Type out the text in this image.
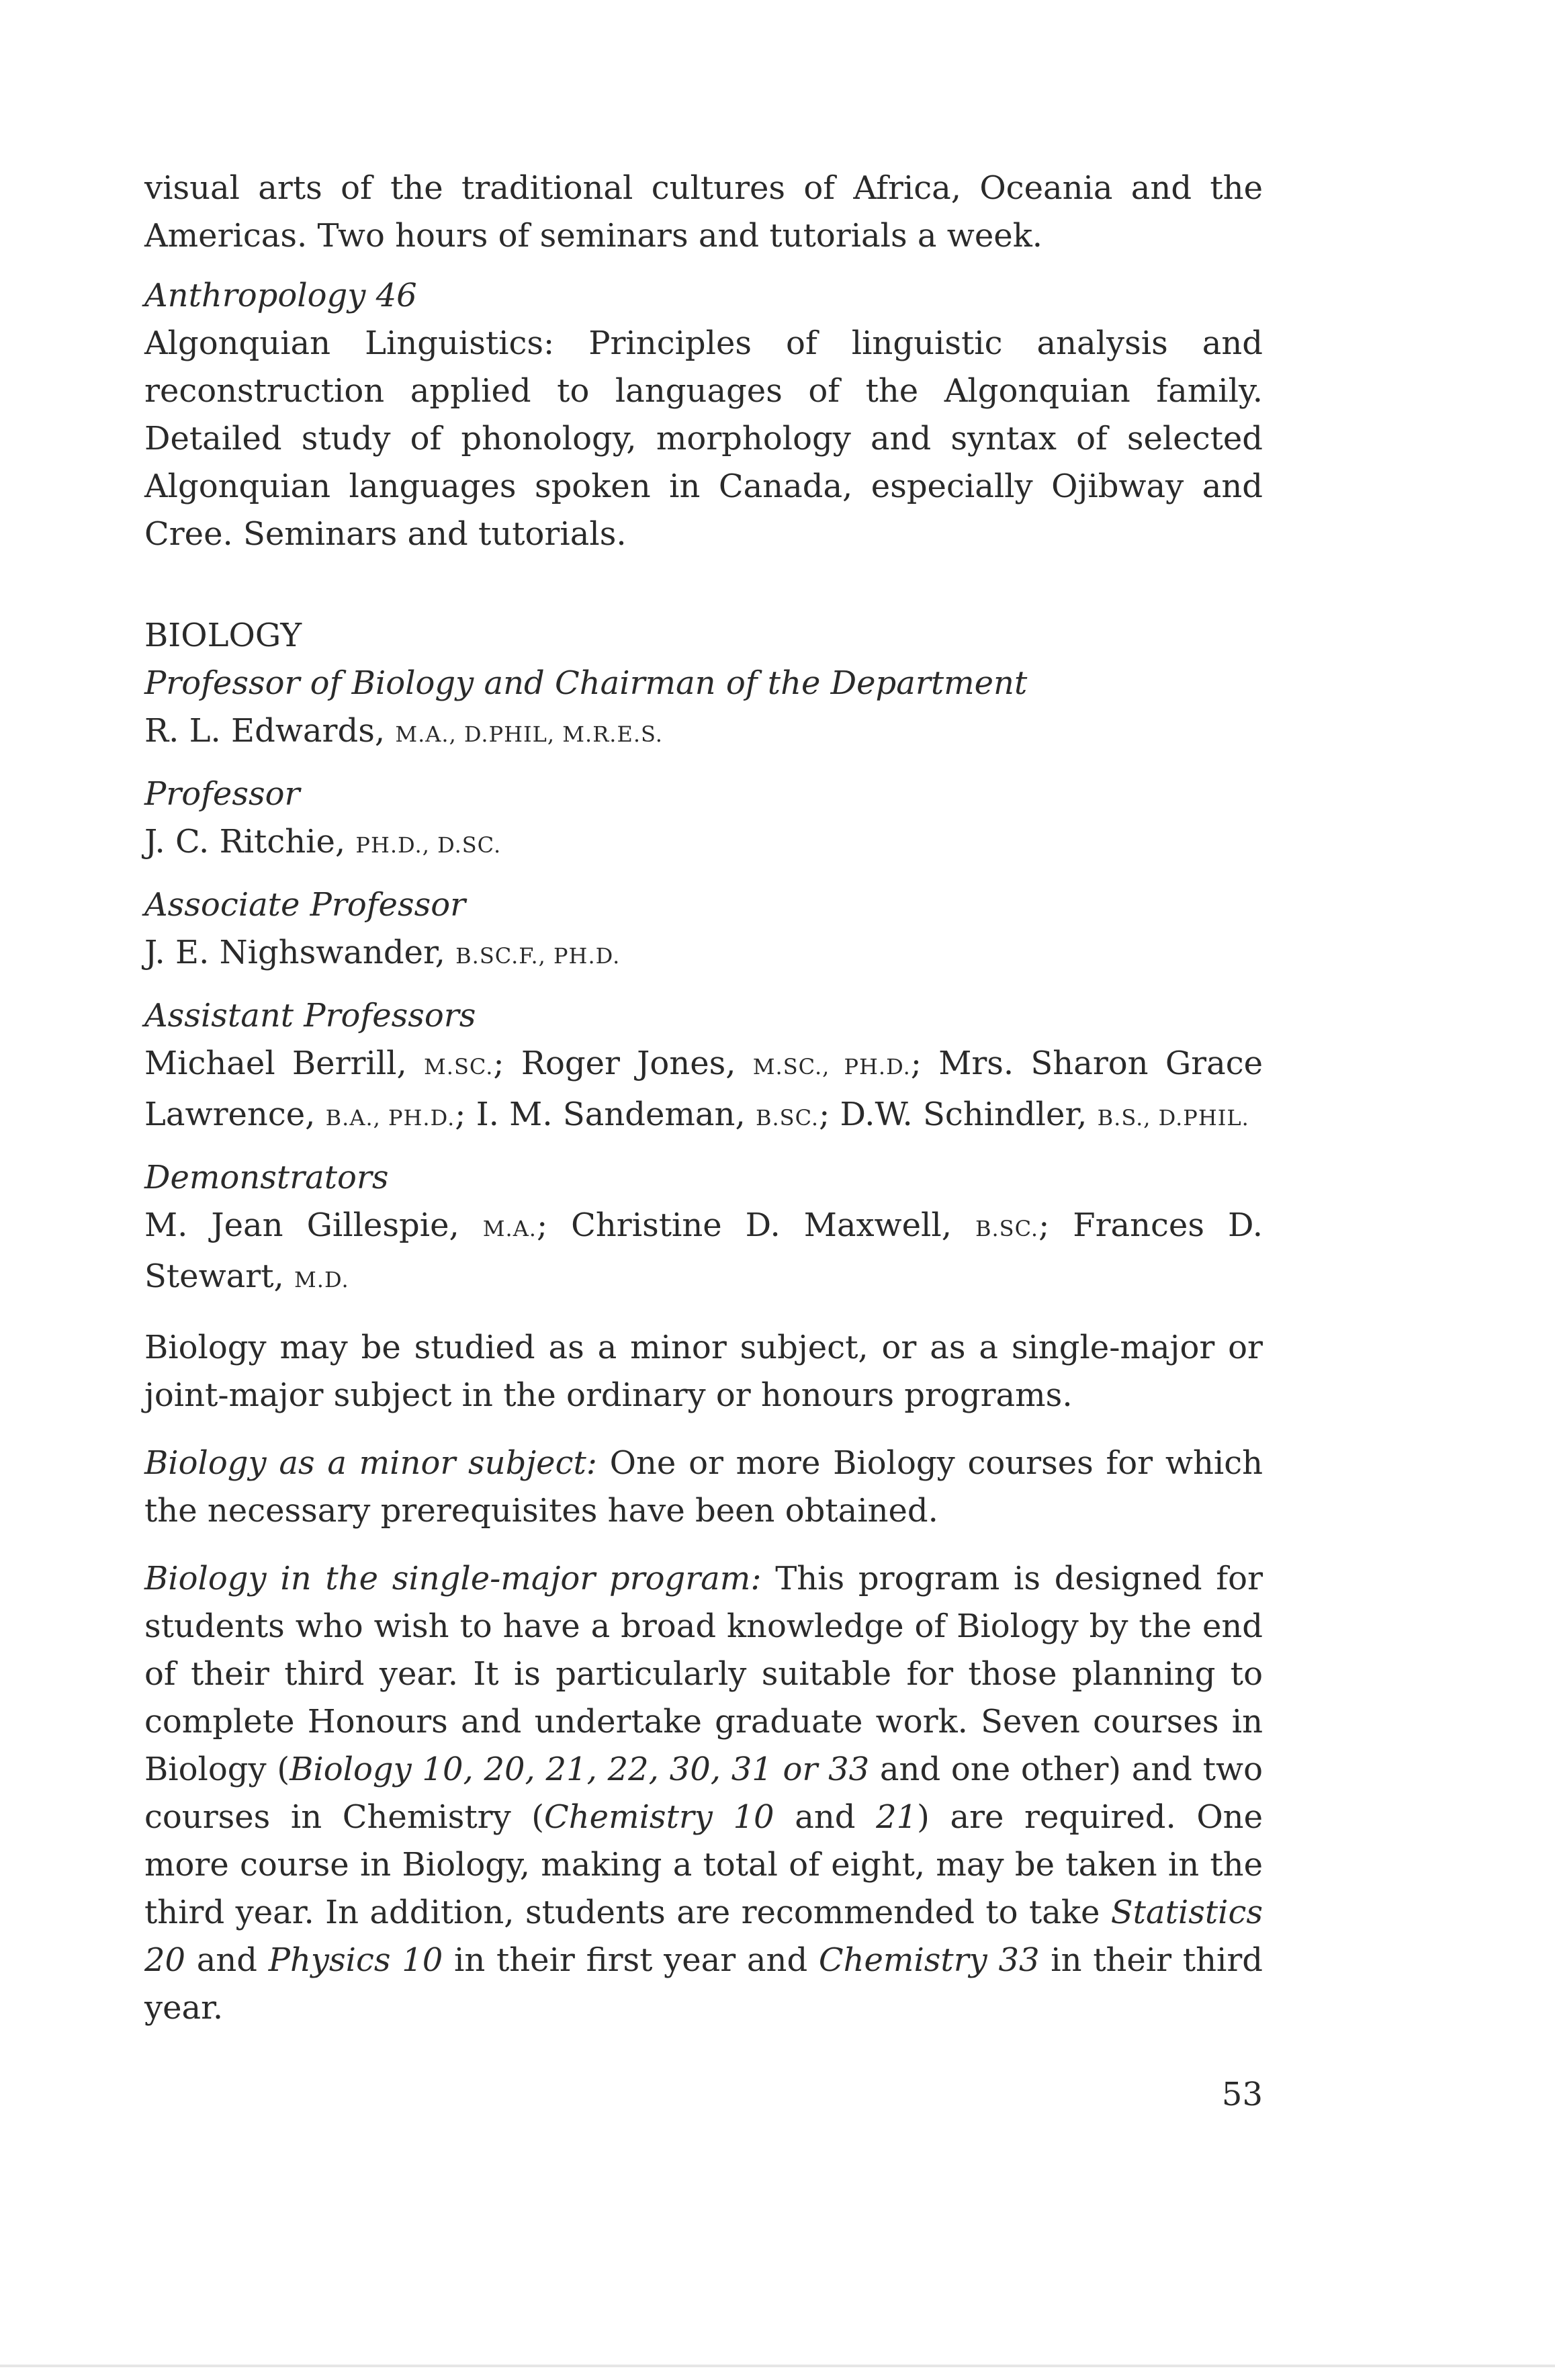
visual arts of the traditional cultures of Africa, Oceania and the Americas. Two hours of seminars and tutorials a week.

Anthropology 46

Algonquian Linguistics: Principles of linguistic analysis and reconstruction applied to languages of the Algonquian family. Detailed study of phonology, morphology and syntax of selected Algonquian languages spoken in Canada, especially Ojibway and Cree. Seminars and tutorials.

BIOLOGY

Professor of Biology and Chairman of the Department

R. L. Edwards, M.A., D.PHIL, M.R.E.S.

Professor

J. C. Ritchie, PH.D., D.SC.

Associate Professor

J. E. Nighswander, B.SC.F., PH.D.

Assistant Professors

Michael Berrill, M.SC.; Roger Jones, M.SC., PH.D.; Mrs. Sharon Grace Lawrence, B.A., PH.D.; I. M. Sandeman, B.SC.; D.W. Schindler, B.S., D.PHIL.

Demonstrators

M. Jean Gillespie, M.A.; Christine D. Maxwell, B.SC.; Frances D. Stewart, M.D.

Biology may be studied as a minor subject, or as a single-major or joint-major subject in the ordinary or honours programs.

Biology as a minor subject: One or more Biology courses for which the necessary prerequisites have been obtained.

Biology in the single-major program: This program is designed for students who wish to have a broad knowledge of Biology by the end of their third year. It is particularly suitable for those planning to complete Honours and undertake graduate work. Seven courses in Biology (Biology 10, 20, 21, 22, 30, 31 or 33 and one other) and two courses in Chemistry (Chemistry 10 and 21) are required. One more course in Biology, making a total of eight, may be taken in the third year. In addition, students are recommended to take Statistics 20 and Physics 10 in their first year and Chemistry 33 in their third year.

53
